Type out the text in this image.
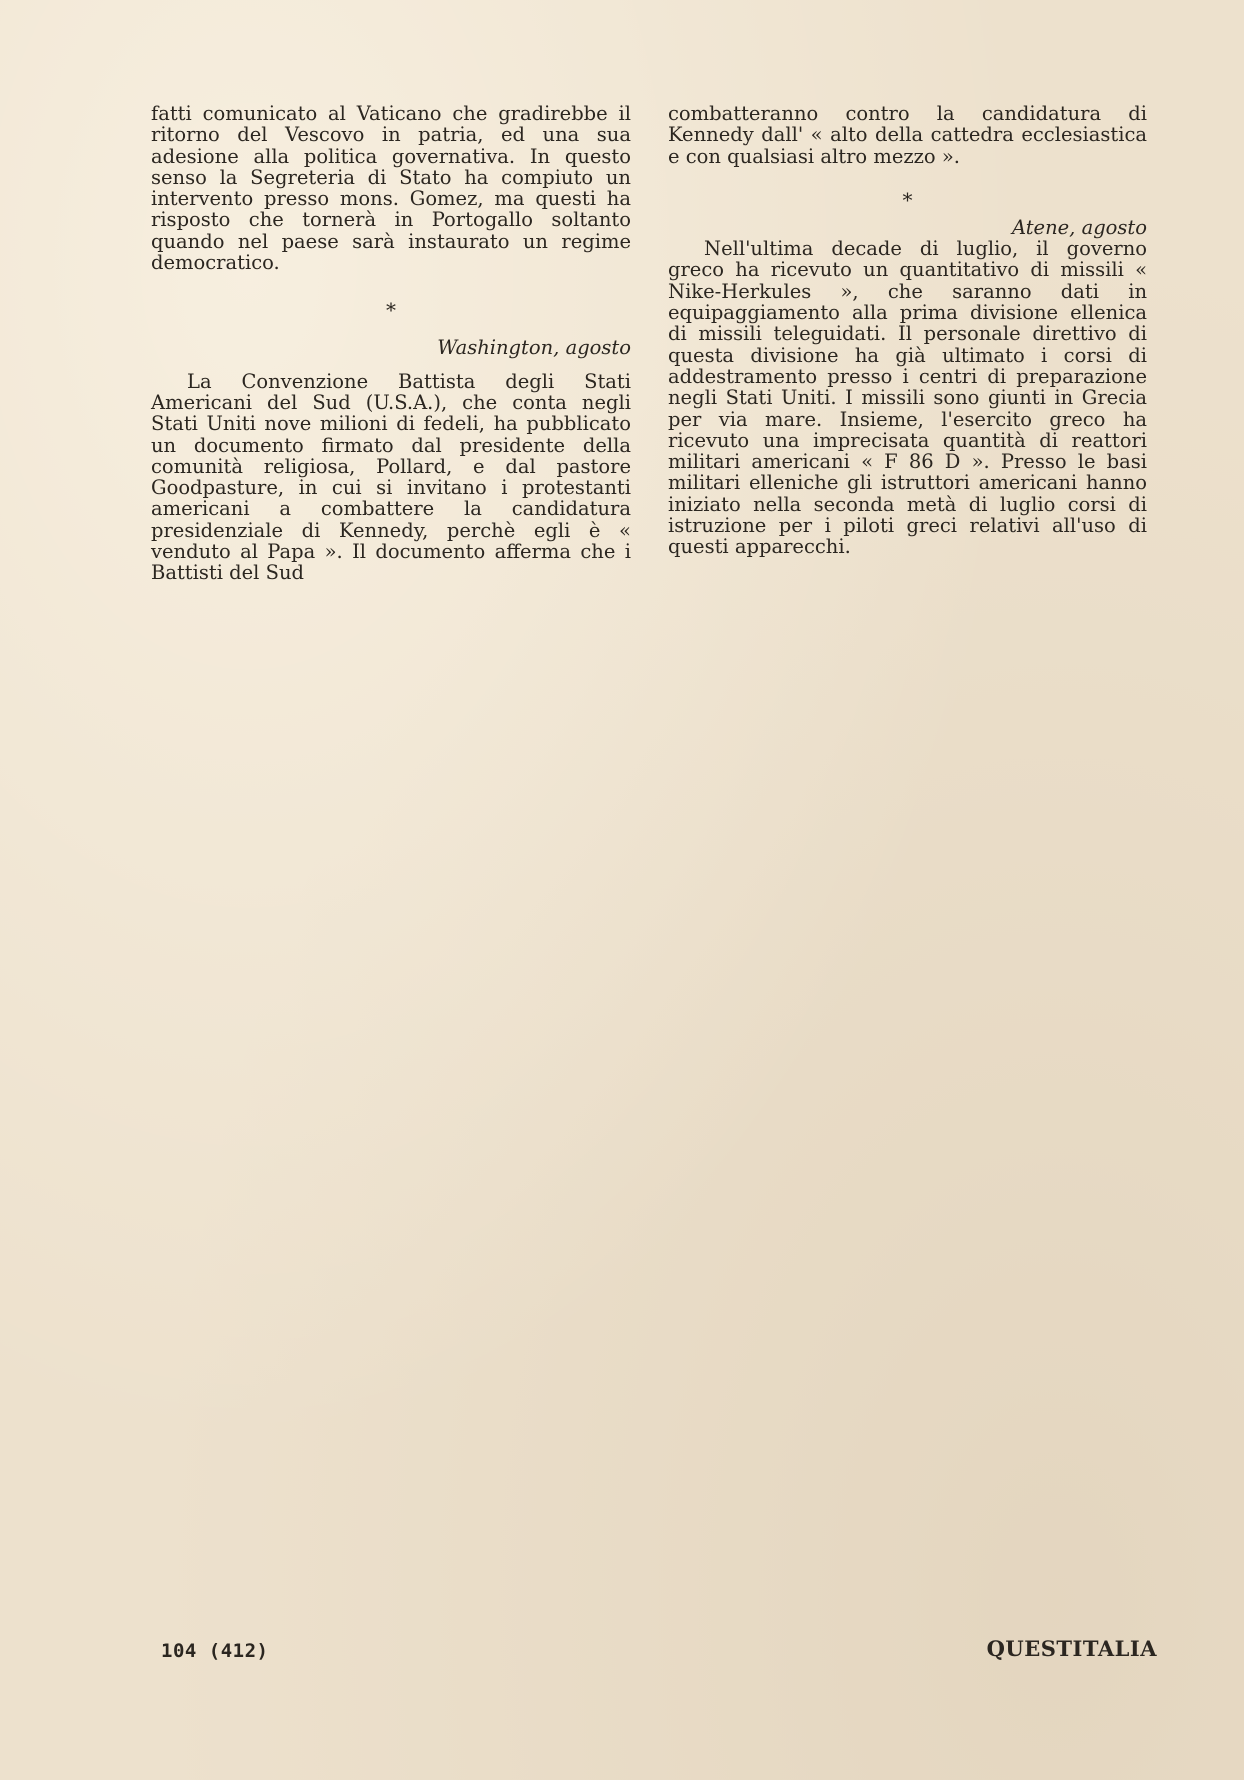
fatti comunicato al Vaticano che gradirebbe il ritorno del Vescovo in patria, ed una sua adesione alla politica governativa. In questo senso la Segreteria di Stato ha compiuto un intervento presso mons. Gomez, ma questi ha risposto che tornerà in Portogallo soltanto quando nel paese sarà instaurato un regime democratico.

*

Washington, agosto

La Convenzione Battista degli Stati Americani del Sud (U.S.A.), che conta negli Stati Uniti nove milioni di fedeli, ha pubblicato un documento firmato dal presidente della comunità religiosa, Pollard, e dal pastore Goodpasture, in cui si invitano i protestanti americani a combattere la candidatura presidenziale di Kennedy, perchè egli è « venduto al Papa ». Il documento afferma che i Battisti del Sud

combatteranno contro la candidatura di Kennedy dall' « alto della cattedra ecclesiastica e con qualsiasi altro mezzo ».

*

Atene, agosto

Nell'ultima decade di luglio, il governo greco ha ricevuto un quantitativo di missili « Nike-Herkules », che saranno dati in equipaggiamento alla prima divisione ellenica di missili teleguidati. Il personale direttivo di questa divisione ha già ultimato i corsi di addestramento presso i centri di preparazione negli Stati Uniti. I missili sono giunti in Grecia per via mare. Insieme, l'esercito greco ha ricevuto una imprecisata quantità di reattori militari americani « F 86 D ». Presso le basi militari elleniche gli istruttori americani hanno iniziato nella seconda metà di luglio corsi di istruzione per i piloti greci relativi all'uso di questi apparecchi.

104 (412)	QUESTITALIA
